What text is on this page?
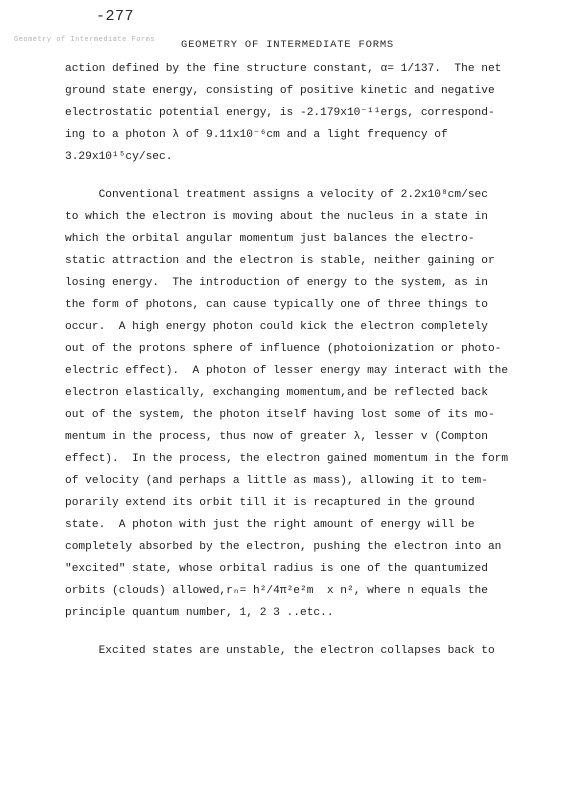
-277
Geometry of Intermediate Forms	GEOMETRY OF INTERMEDIATE FORMS
action defined by the fine structure constant, α= 1/137.  The net
ground state energy, consisting of positive kinetic and negative
electrostatic potential energy, is -2.179x10⁻¹¹ergs, correspond-
ing to a photon λ of 9.11x10⁻⁶cm and a light frequency of
3.29x10¹⁵cy/sec.
Conventional treatment assigns a velocity of 2.2x10⁸cm/sec
to which the electron is moving about the nucleus in a state in
which the orbital angular momentum just balances the electro-
static attraction and the electron is stable, neither gaining or
losing energy.  The introduction of energy to the system, as in
the form of photons, can cause typically one of three things to
occur.  A high energy photon could kick the electron completely
out of the protons sphere of influence (photoionization or photo-
electric effect).  A photon of lesser energy may interact with the
electron elastically, exchanging momentum,and be reflected back
out of the system, the photon itself having lost some of its mo-
mentum in the process, thus now of greater λ, lesser v (Compton
effect).  In the process, the electron gained momentum in the form
of velocity (and perhaps a little as mass), allowing it to tem-
porarily extend its orbit till it is recaptured in the ground
state.  A photon with just the right amount of energy will be
completely absorbed by the electron, pushing the electron into an
"excited" state, whose orbital radius is one of the quantumized
orbits (clouds) allowed,rₙ= h²/4π²e²m  x n², where n equals the
principle quantum number, 1, 2 3 ..etc..
Excited states are unstable, the electron collapses back to
